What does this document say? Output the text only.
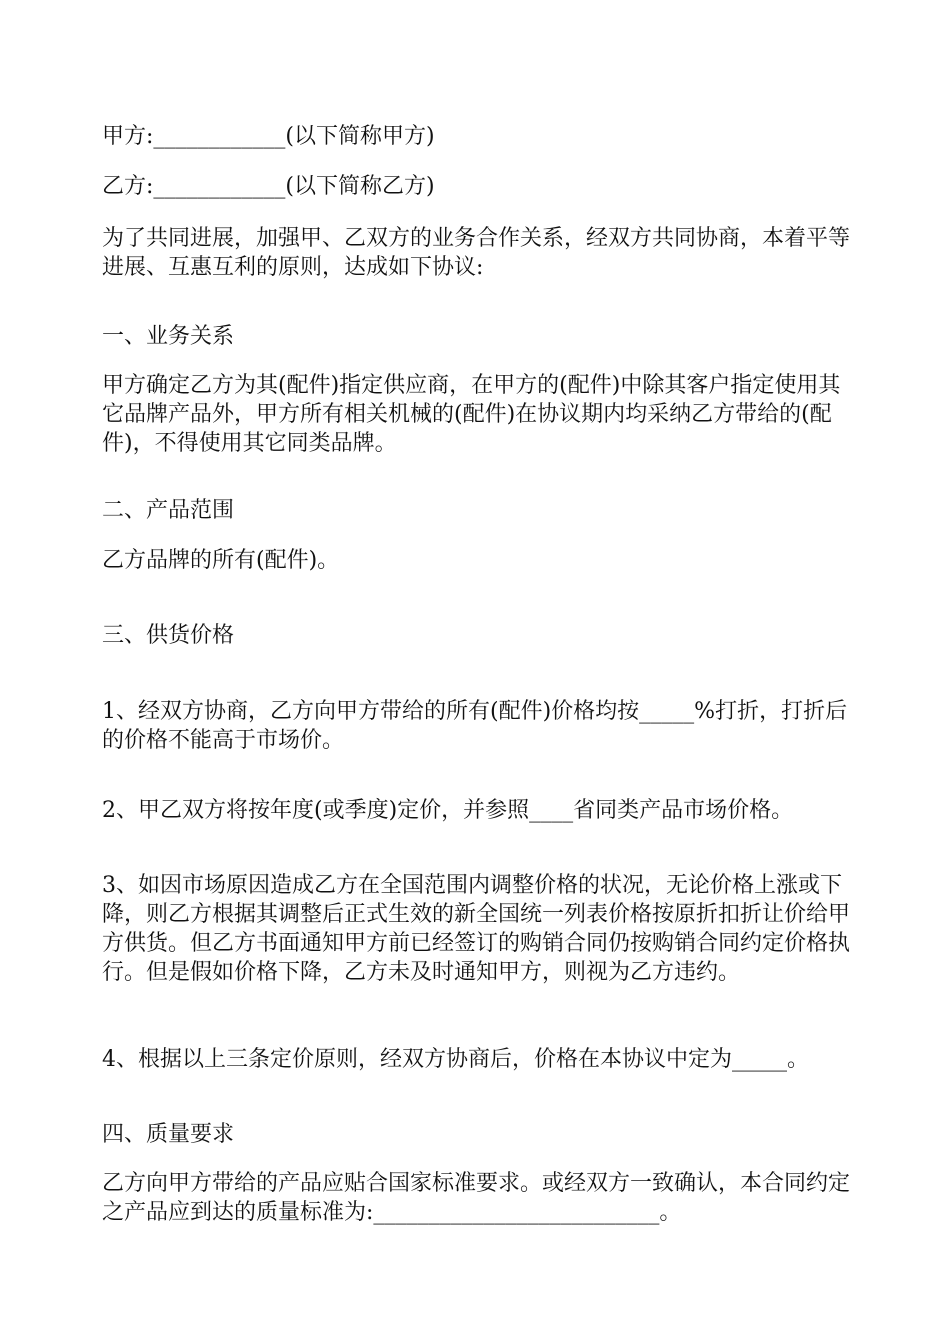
甲方:____________(以下简称甲方)

乙方:____________(以下简称乙方)

为了共同进展，加强甲、乙双方的业务合作关系，经双方共同协商，本着平等进展、互惠互利的原则，达成如下协议:

一、业务关系

甲方确定乙方为其(配件)指定供应商，在甲方的(配件)中除其客户指定使用其它品牌产品外，甲方所有相关机械的(配件)在协议期内均采纳乙方带给的(配件)，不得使用其它同类品牌。

二、产品范围

乙方品牌的所有(配件)。

三、供货价格

1、经双方协商，乙方向甲方带给的所有(配件)价格均按_____%打折，打折后的价格不能高于市场价。

2、甲乙双方将按年度(或季度)定价，并参照____省同类产品市场价格。

3、如因市场原因造成乙方在全国范围内调整价格的状况，无论价格上涨或下降，则乙方根据其调整后正式生效的新全国统一列表价格按原折扣折让价给甲方供货。但乙方书面通知甲方前已经签订的购销合同仍按购销合同约定价格执行。但是假如价格下降，乙方未及时通知甲方，则视为乙方违约。

4、根据以上三条定价原则，经双方协商后，价格在本协议中定为_____。

四、质量要求

乙方向甲方带给的产品应贴合国家标准要求。或经双方一致确认，本合同约定之产品应到达的质量标准为:__________________________。
